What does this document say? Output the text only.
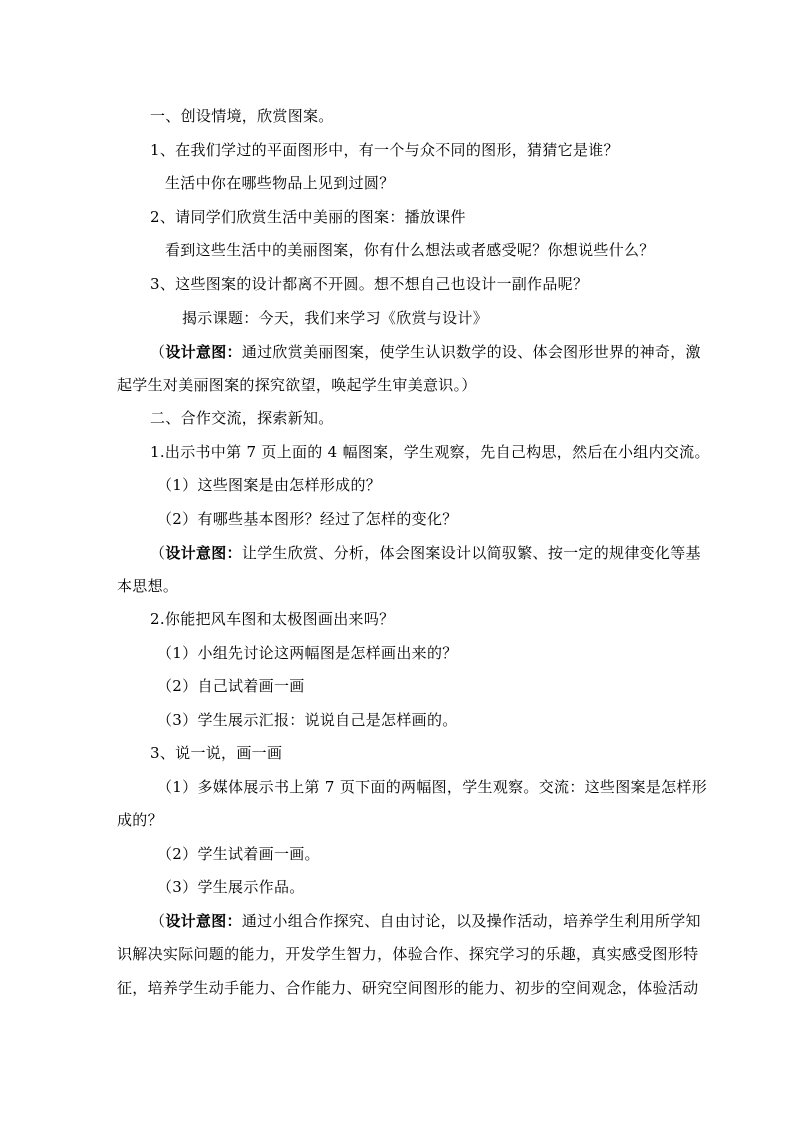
一、创设情境，欣赏图案。
1、在我们学过的平面图形中，有一个与众不同的图形，猜猜它是谁？
生活中你在哪些物品上见到过圆？
2、请同学们欣赏生活中美丽的图案：播放课件
看到这些生活中的美丽图案，你有什么想法或者感受呢？你想说些什么？
3、这些图案的设计都离不开圆。想不想自己也设计一副作品呢？
揭示课题：今天，我们来学习《欣赏与设计》
（设计意图：通过欣赏美丽图案，使学生认识数学的设、体会图形世界的神奇，激
起学生对美丽图案的探究欲望，唤起学生审美意识。）
二、合作交流，探索新知。
1.出示书中第 7 页上面的 4 幅图案，学生观察，先自己构思，然后在小组内交流。
（1）这些图案是由怎样形成的？
（2）有哪些基本图形？经过了怎样的变化？
（设计意图：让学生欣赏、分析，体会图案设计以简驭繁、按一定的规律变化等基
本思想。
2.你能把风车图和太极图画出来吗？
（1）小组先讨论这两幅图是怎样画出来的？
（2）自己试着画一画
（3）学生展示汇报：说说自己是怎样画的。
3、说一说，画一画
（1）多媒体展示书上第 7 页下面的两幅图，学生观察。交流：这些图案是怎样形
成的？
（2）学生试着画一画。
（3）学生展示作品。
（设计意图：通过小组合作探究、自由讨论，以及操作活动，培养学生利用所学知
识解决实际问题的能力，开发学生智力，体验合作、探究学习的乐趣，真实感受图形特
征，培养学生动手能力、合作能力、研究空间图形的能力、初步的空间观念，体验活动
